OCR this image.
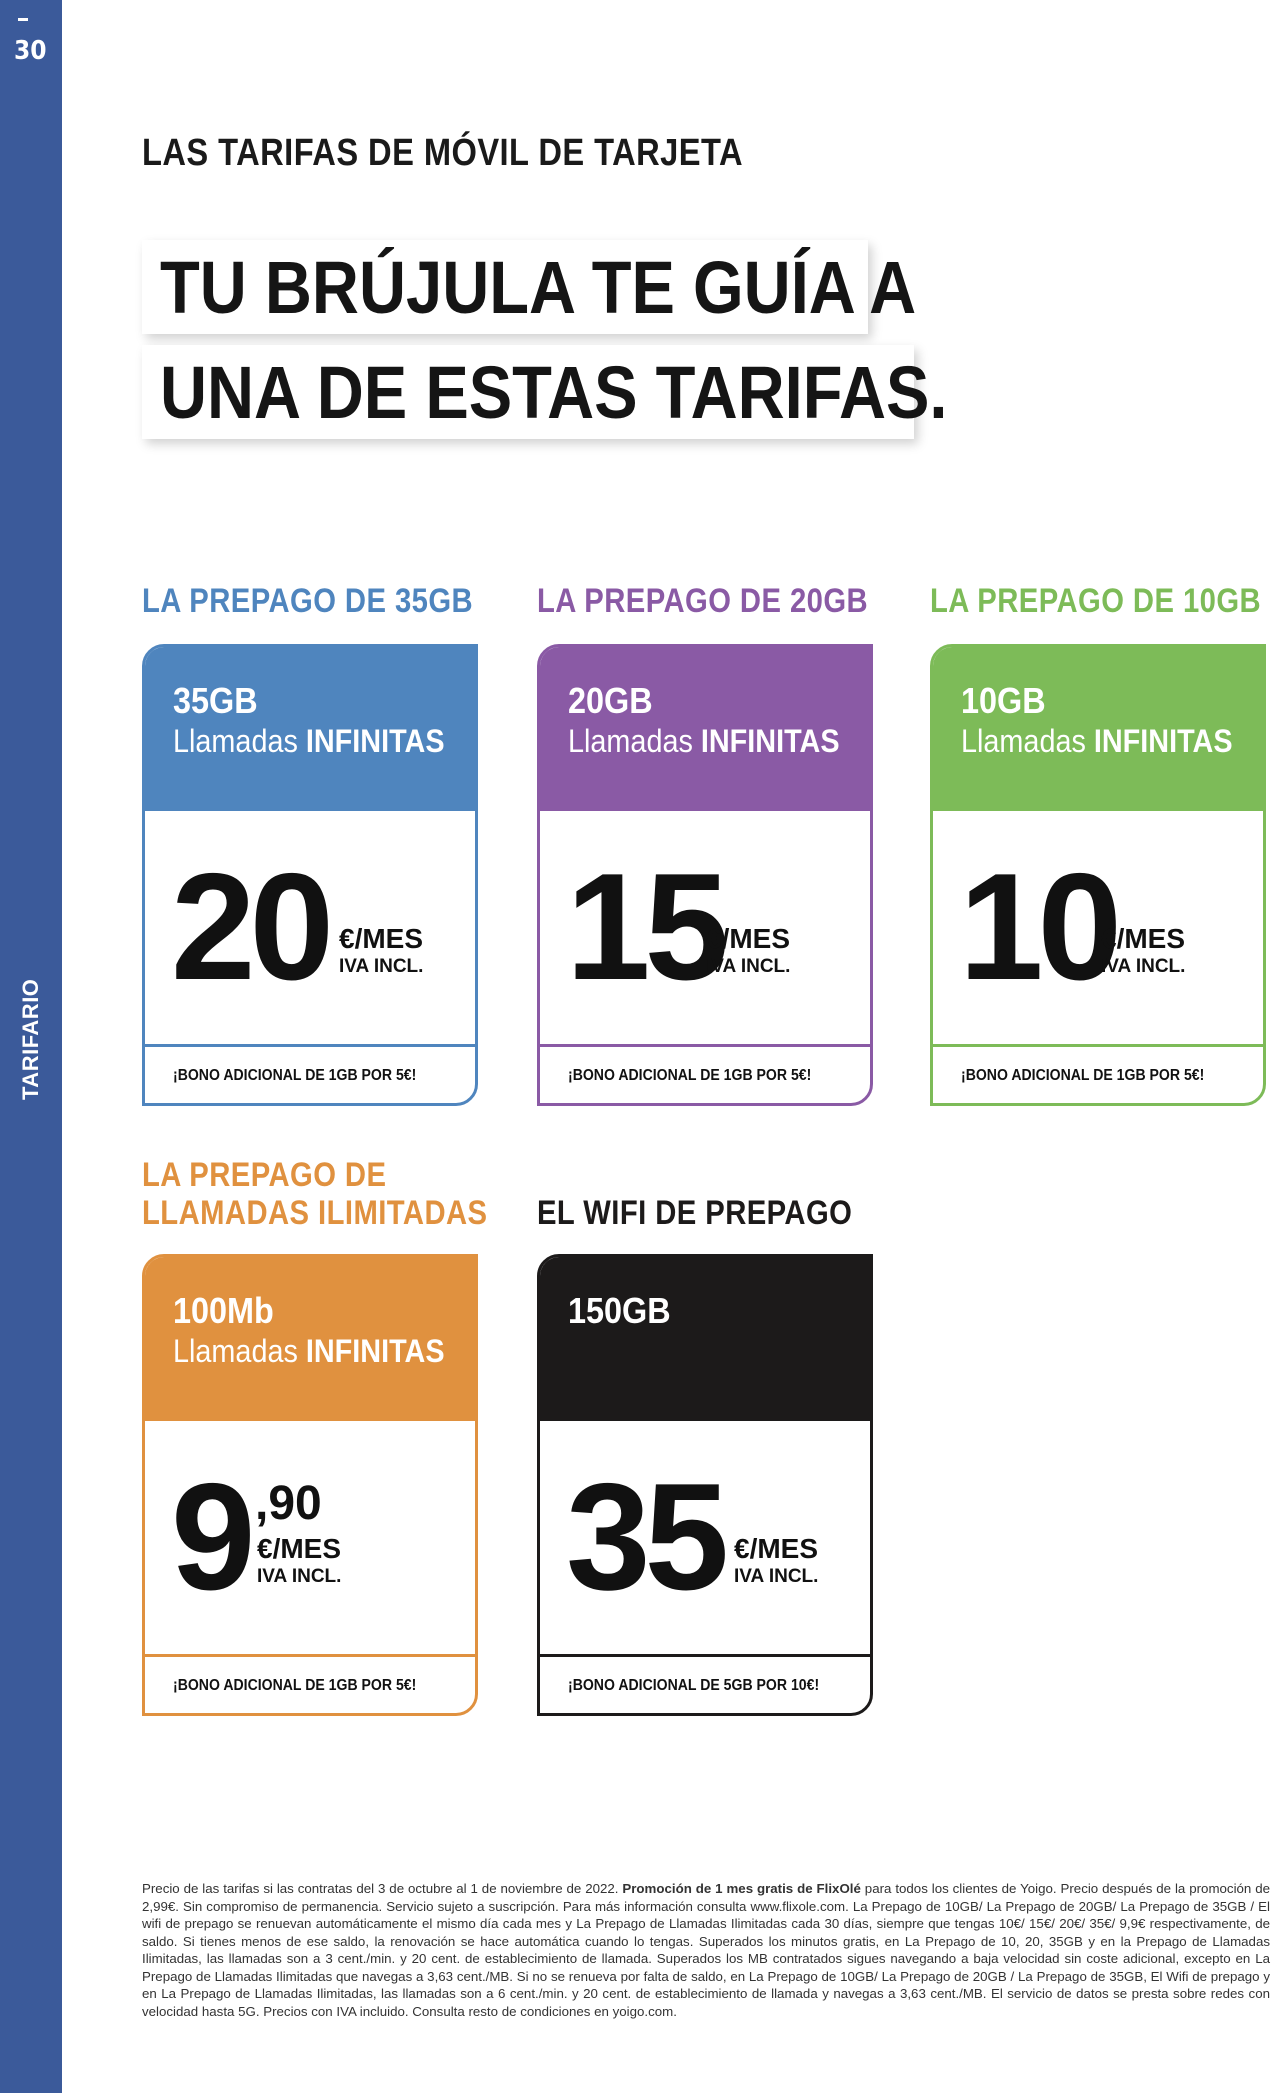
30
TARIFARIO
LAS TARIFAS DE MÓVIL DE TARJETA
TU BRÚJULA TE GUÍA A
UNA DE ESTAS TARIFAS.
LA PREPAGO DE 35GB
35GB
Llamadas INFINITAS
20 €/MES
IVA INCL.
¡BONO ADICIONAL DE 1GB POR 5€!
LA PREPAGO DE 20GB
20GB
Llamadas INFINITAS
15
€/MES
IVA INCL.
¡BONO ADICIONAL DE 1GB POR 5€!
LA PREPAGO DE 10GB
10GB
Llamadas INFINITAS
10
€/MES
IVA INCL.
¡BONO ADICIONAL DE 1GB POR 5€!
LA PREPAGO DE
LLAMADAS ILIMITADAS
100Mb
Llamadas INFINITAS
9 ,90
€/MES
IVA INCL.
¡BONO ADICIONAL DE 1GB POR 5€!
EL WIFI DE PREPAGO
150GB
35 €/MES
IVA INCL.
¡BONO ADICIONAL DE 5GB POR 10€!
Precio de las tarifas si las contratas del 3 de octubre al 1 de noviembre de 2022. Promoción de 1 mes gratis de FlixOlé para todos los clientes de Yoigo. Precio después de la promoción de 2,99€. Sin compromiso de permanencia. Servicio sujeto a suscripción. Para más información consulta www.flixole.com. La Prepago de 10GB/ La Prepago de 20GB/ La Prepago de 35GB / El wifi de prepago se renuevan automáticamente el mismo día cada mes y La Prepago de Llamadas Ilimitadas cada 30 días, siempre que tengas 10€/ 15€/ 20€/ 35€/ 9,9€ respectivamente, de saldo. Si tienes menos de ese saldo, la renovación se hace automática cuando lo tengas. Superados los minutos gratis, en La Prepago de 10, 20, 35GB y en la Prepago de Llamadas Ilimitadas, las llamadas son a 3 cent./min. y 20 cent. de establecimiento de llamada. Superados los MB contratados sigues navegando a baja velocidad sin coste adicional, excepto en La Prepago de Llamadas Ilimitadas que navegas a 3,63 cent./MB. Si no se renueva por falta de saldo, en La Prepago de 10GB/ La Prepago de 20GB / La Prepago de 35GB, El Wifi de prepago y en La Prepago de Llamadas Ilimitadas, las llamadas son a 6 cent./min. y 20 cent. de establecimiento de llamada y navegas a 3,63 cent./MB. El servicio de datos se presta sobre redes con velocidad hasta 5G. Precios con IVA incluido. Consulta resto de condiciones en yoigo.com.
